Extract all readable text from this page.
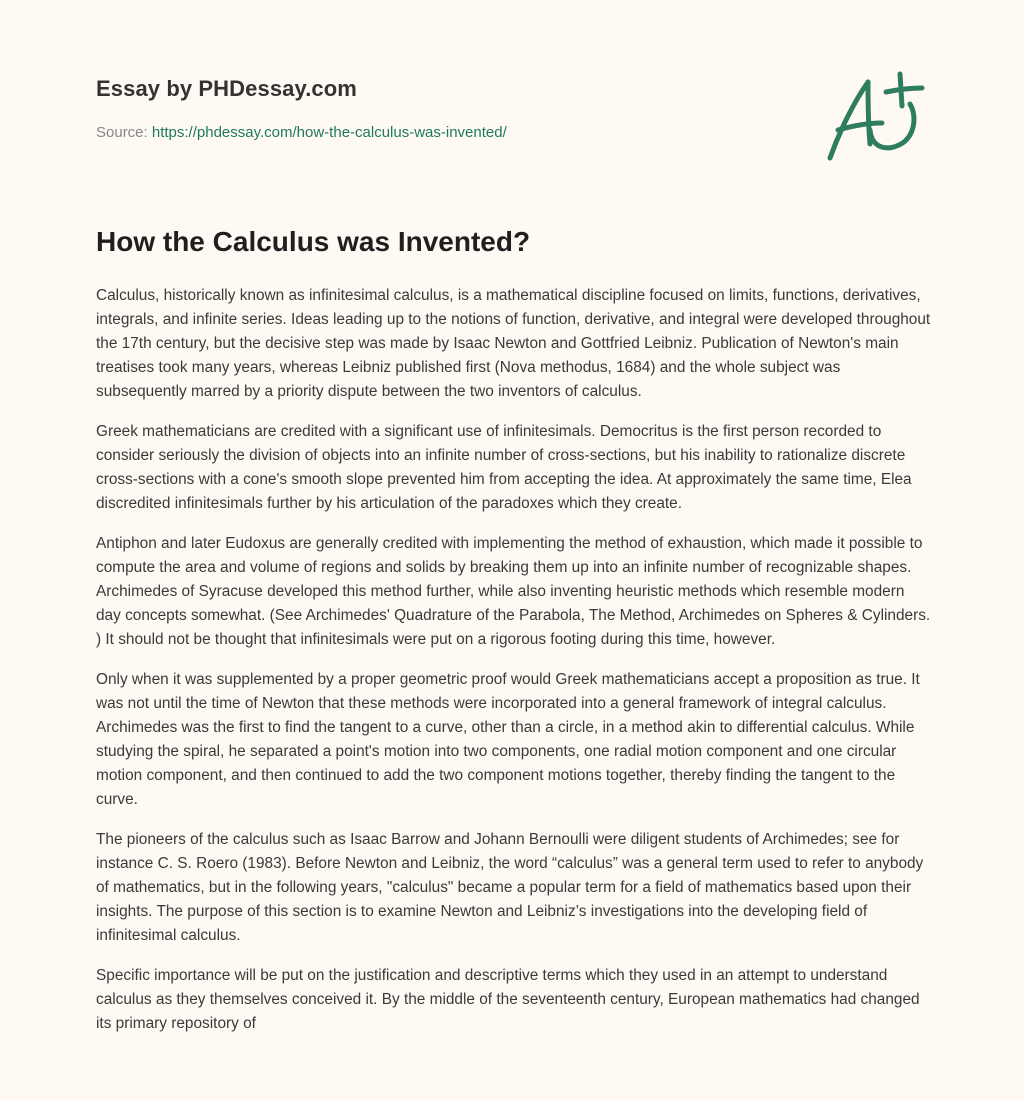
Essay by PHDessay.com
Source: https://phdessay.com/how-the-calculus-was-invented/
How the Calculus was Invented?

Calculus, historically known as infinitesimal calculus, is a mathematical discipline focused on limits, functions, derivatives, integrals, and infinite series. Ideas leading up to the notions of function, derivative, and integral were developed throughout the 17th century, but the decisive step was made by Isaac Newton and Gottfried Leibniz. Publication of Newton's main treatises took many years, whereas Leibniz published first (Nova methodus, 1684) and the whole subject was subsequently marred by a priority dispute between the two inventors of calculus.

Greek mathematicians are credited with a significant use of infinitesimals. Democritus is the first person recorded to consider seriously the division of objects into an infinite number of cross-sections, but his inability to rationalize discrete cross-sections with a cone's smooth slope prevented him from accepting the idea. At approximately the same time, Elea discredited infinitesimals further by his articulation of the paradoxes which they create.

Antiphon and later Eudoxus are generally credited with implementing the method of exhaustion, which made it possible to compute the area and volume of regions and solids by breaking them up into an infinite number of recognizable shapes. Archimedes of Syracuse developed this method further, while also inventing heuristic methods which resemble modern day concepts somewhat. (See Archimedes' Quadrature of the Parabola, The Method, Archimedes on Spheres & Cylinders. ) It should not be thought that infinitesimals were put on a rigorous footing during this time, however.

Only when it was supplemented by a proper geometric proof would Greek mathematicians accept a proposition as true. It was not until the time of Newton that these methods were incorporated into a general framework of integral calculus. Archimedes was the first to find the tangent to a curve, other than a circle, in a method akin to differential calculus. While studying the spiral, he separated a point's motion into two components, one radial motion component and one circular motion component, and then continued to add the two component motions together, thereby finding the tangent to the curve.

The pioneers of the calculus such as Isaac Barrow and Johann Bernoulli were diligent students of Archimedes; see for instance C. S. Roero (1983). Before Newton and Leibniz, the word “calculus” was a general term used to refer to anybody of mathematics, but in the following years, "calculus" became a popular term for a field of mathematics based upon their insights. The purpose of this section is to examine Newton and Leibniz’s investigations into the developing field of infinitesimal calculus.

Specific importance will be put on the justification and descriptive terms which they used in an attempt to understand calculus as they themselves conceived it. By the middle of the seventeenth century, European mathematics had changed its primary repository of
